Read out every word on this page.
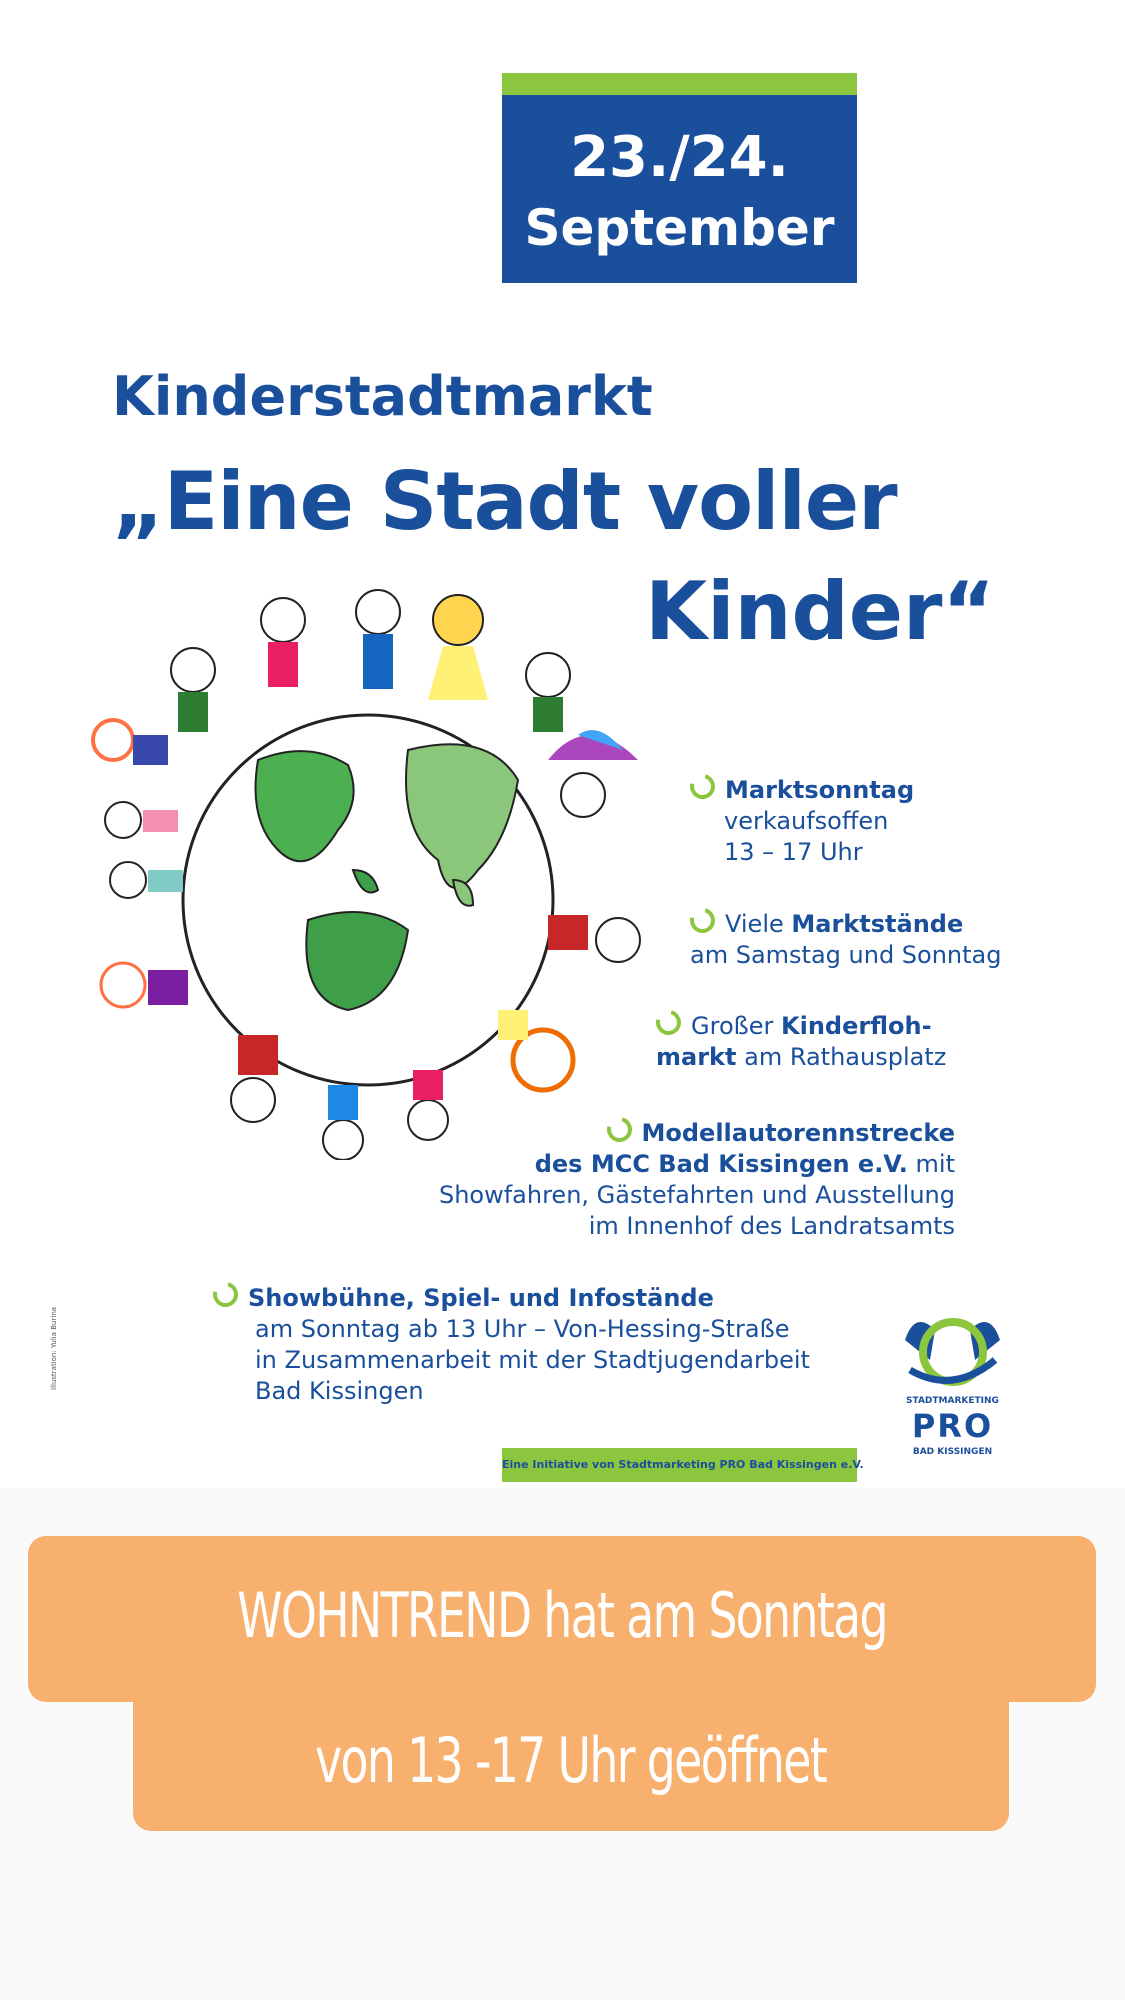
23./24.
September
Kinderstadtmarkt
„Eine Stadt voller
Kinder“
Marktsonntag
verkaufsoffen
13 – 17 Uhr
Viele Marktstände
am Samstag und Sonntag
Großer Kinderfloh-
markt am Rathausplatz
Modellautorennstrecke
des MCC Bad Kissingen e.V. mit
Showfahren, Gästefahrten und Ausstellung
im Innenhof des Landratsamts
Showbühne, Spiel- und Infostände
am Sonntag ab 13 Uhr – Von-Hessing-Straße
in Zusammenarbeit mit der Stadtjugendarbeit
Bad Kissingen
Illustration: Yulia Burina
STADTMARKETING
PRO
BAD KISSINGEN
Eine Initiative von Stadtmarketing PRO Bad Kissingen e.V.
WOHNTREND hat am Sonntag
von 13 -17 Uhr geöffnet
